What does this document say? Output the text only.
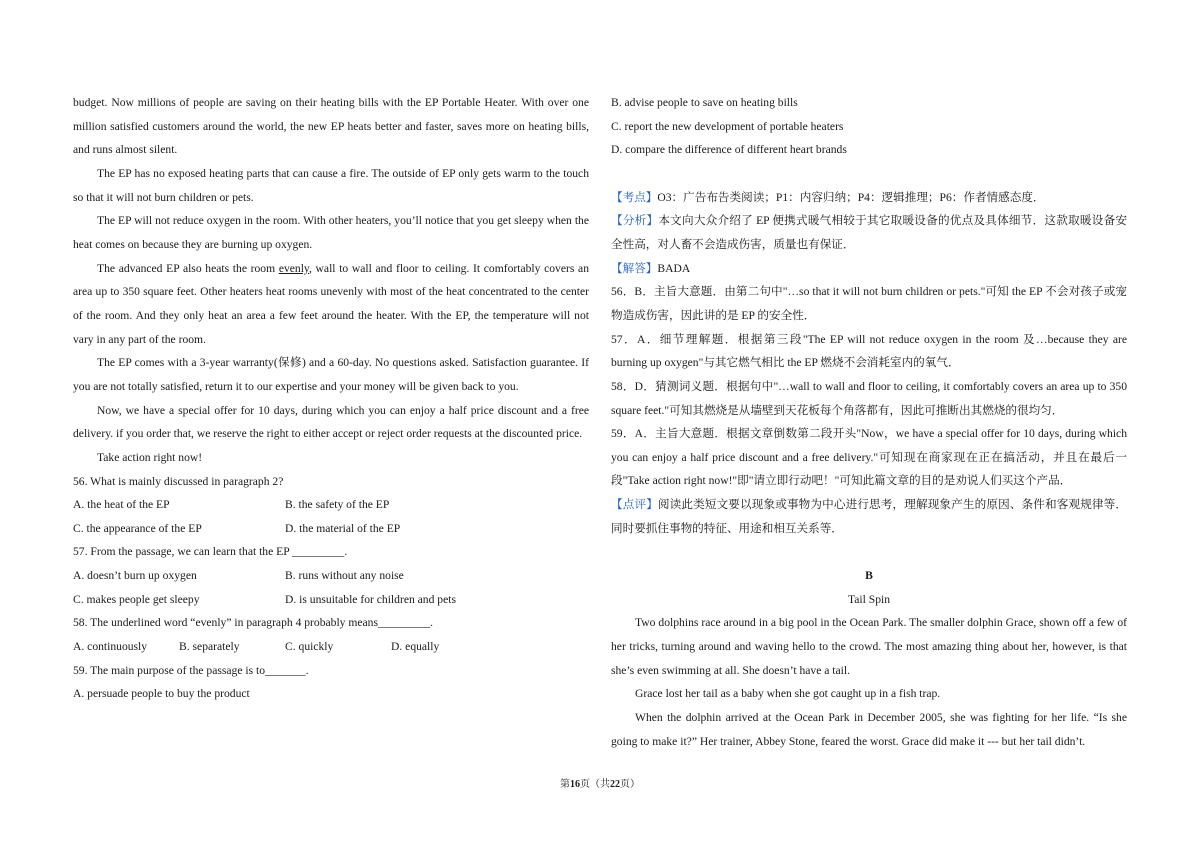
budget. Now millions of people are saving on their heating bills with the EP Portable Heater. With over one million satisfied customers around the world, the new EP heats better and faster, saves more on heating bills, and runs almost silent.

The EP has no exposed heating parts that can cause a fire. The outside of EP only gets warm to the touch so that it will not burn children or pets.

The EP will not reduce oxygen in the room. With other heaters, you’ll notice that you get sleepy when the heat comes on because they are burning up oxygen.

The advanced EP also heats the room evenly, wall to wall and floor to ceiling. It comfortably covers an area up to 350 square feet. Other heaters heat rooms unevenly with most of the heat concentrated to the center of the room. And they only heat an area a few feet around the heater. With the EP, the temperature will not vary in any part of the room.

The EP comes with a 3-year warranty(保修) and a 60-day. No questions asked. Satisfaction guarantee. If you are not totally satisfied, return it to our expertise and your money will be given back to you.

Now, we have a special offer for 10 days, during which you can enjoy a half price discount and a free delivery. if you order that, we reserve the right to either accept or reject order requests at the discounted price.

Take action right now!

56. What is mainly discussed in paragraph 2?

A. the heat of the EP	B. the safety of the EP
C. the appearance of the EP	D. the material of the EP

57. From the passage, we can learn that the EP _________.

A. doesn’t burn up oxygen	B. runs without any noise
C. makes people get sleepy	D. is unsuitable for children and pets

58. The underlined word “evenly” in paragraph 4 probably means_________.

A. continuously	B. separately	C. quickly	D. equally

59. The main purpose of the passage is to_______.

A. persuade people to buy the product

B. advise people to save on heating bills

C. report the new development of portable heaters

D. compare the difference of different heart brands

【考点】O3：广告布告类阅读；P1：内容归纳；P4：逻辑推理；P6：作者情感态度．

【分析】本文向大众介绍了 EP 便携式暖气相较于其它取暖设备的优点及具体细节．这款取暖设备安全性高，对人畜不会造成伤害，质量也有保证．

【解答】BADA

56．B．主旨大意题．由第二句中"…so that it will not burn children or pets."可知 the EP 不会对孩子或宠物造成伤害，因此讲的是 EP 的安全性．

57．A．细节理解题．根据第三段"The EP will not reduce oxygen in the room 及…because they are burning up oxygen"与其它燃气相比 the EP 燃烧不会消耗室内的氧气．

58．D．猜测词义题．根据句中"…wall to wall and floor to ceiling, it comfortably covers an area up to 350 square feet."可知其燃烧是从墙壁到天花板每个角落都有，因此可推断出其燃烧的很均匀．

59．A．主旨大意题．根据文章倒数第二段开头"Now，we have a special offer for 10 days, during which you can enjoy a half price discount and a free delivery."可知现在商家现在正在搞活动，并且在最后一段"Take action right now!"即"请立即行动吧！"可知此篇文章的目的是劝说人们买这个产品．

【点评】阅读此类短文要以现象或事物为中心进行思考，理解现象产生的原因、条件和客观规律等．同时要抓住事物的特征、用途和相互关系等．

B

Tail Spin

Two dolphins race around in a big pool in the Ocean Park. The smaller dolphin Grace, shown off a few of her tricks, turning around and waving hello to the crowd. The most amazing thing about her, however, is that she’s even swimming at all. She doesn’t have a tail.

Grace lost her tail as a baby when she got caught up in a fish trap.

When the dolphin arrived at the Ocean Park in December 2005, she was fighting for her life. “Is she going to make it?” Her trainer, Abbey Stone, feared the worst. Grace did make it --- but her tail didn’t.

第16页（共22页）
